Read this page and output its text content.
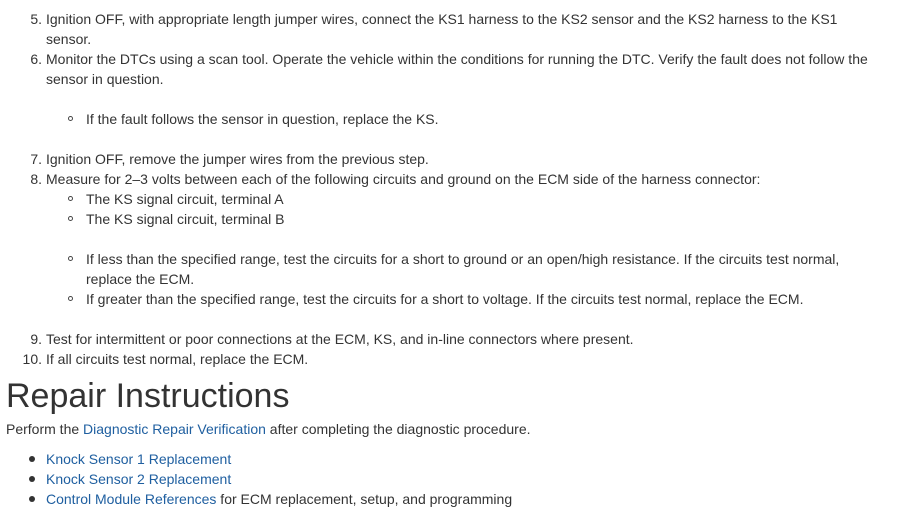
5. Ignition OFF, with appropriate length jumper wires, connect the KS1 harness to the KS2 sensor and the KS2 harness to the KS1 sensor.
6. Monitor the DTCs using a scan tool. Operate the vehicle within the conditions for running the DTC. Verify the fault does not follow the sensor in question.
If the fault follows the sensor in question, replace the KS.
7. Ignition OFF, remove the jumper wires from the previous step.
8. Measure for 2–3 volts between each of the following circuits and ground on the ECM side of the harness connector:
The KS signal circuit, terminal A
The KS signal circuit, terminal B
If less than the specified range, test the circuits for a short to ground or an open/high resistance. If the circuits test normal, replace the ECM.
If greater than the specified range, test the circuits for a short to voltage. If the circuits test normal, replace the ECM.
9. Test for intermittent or poor connections at the ECM, KS, and in-line connectors where present.
10. If all circuits test normal, replace the ECM.
Repair Instructions

Perform the Diagnostic Repair Verification after completing the diagnostic procedure.

Knock Sensor 1 Replacement
Knock Sensor 2 Replacement
Control Module References for ECM replacement, setup, and programming
